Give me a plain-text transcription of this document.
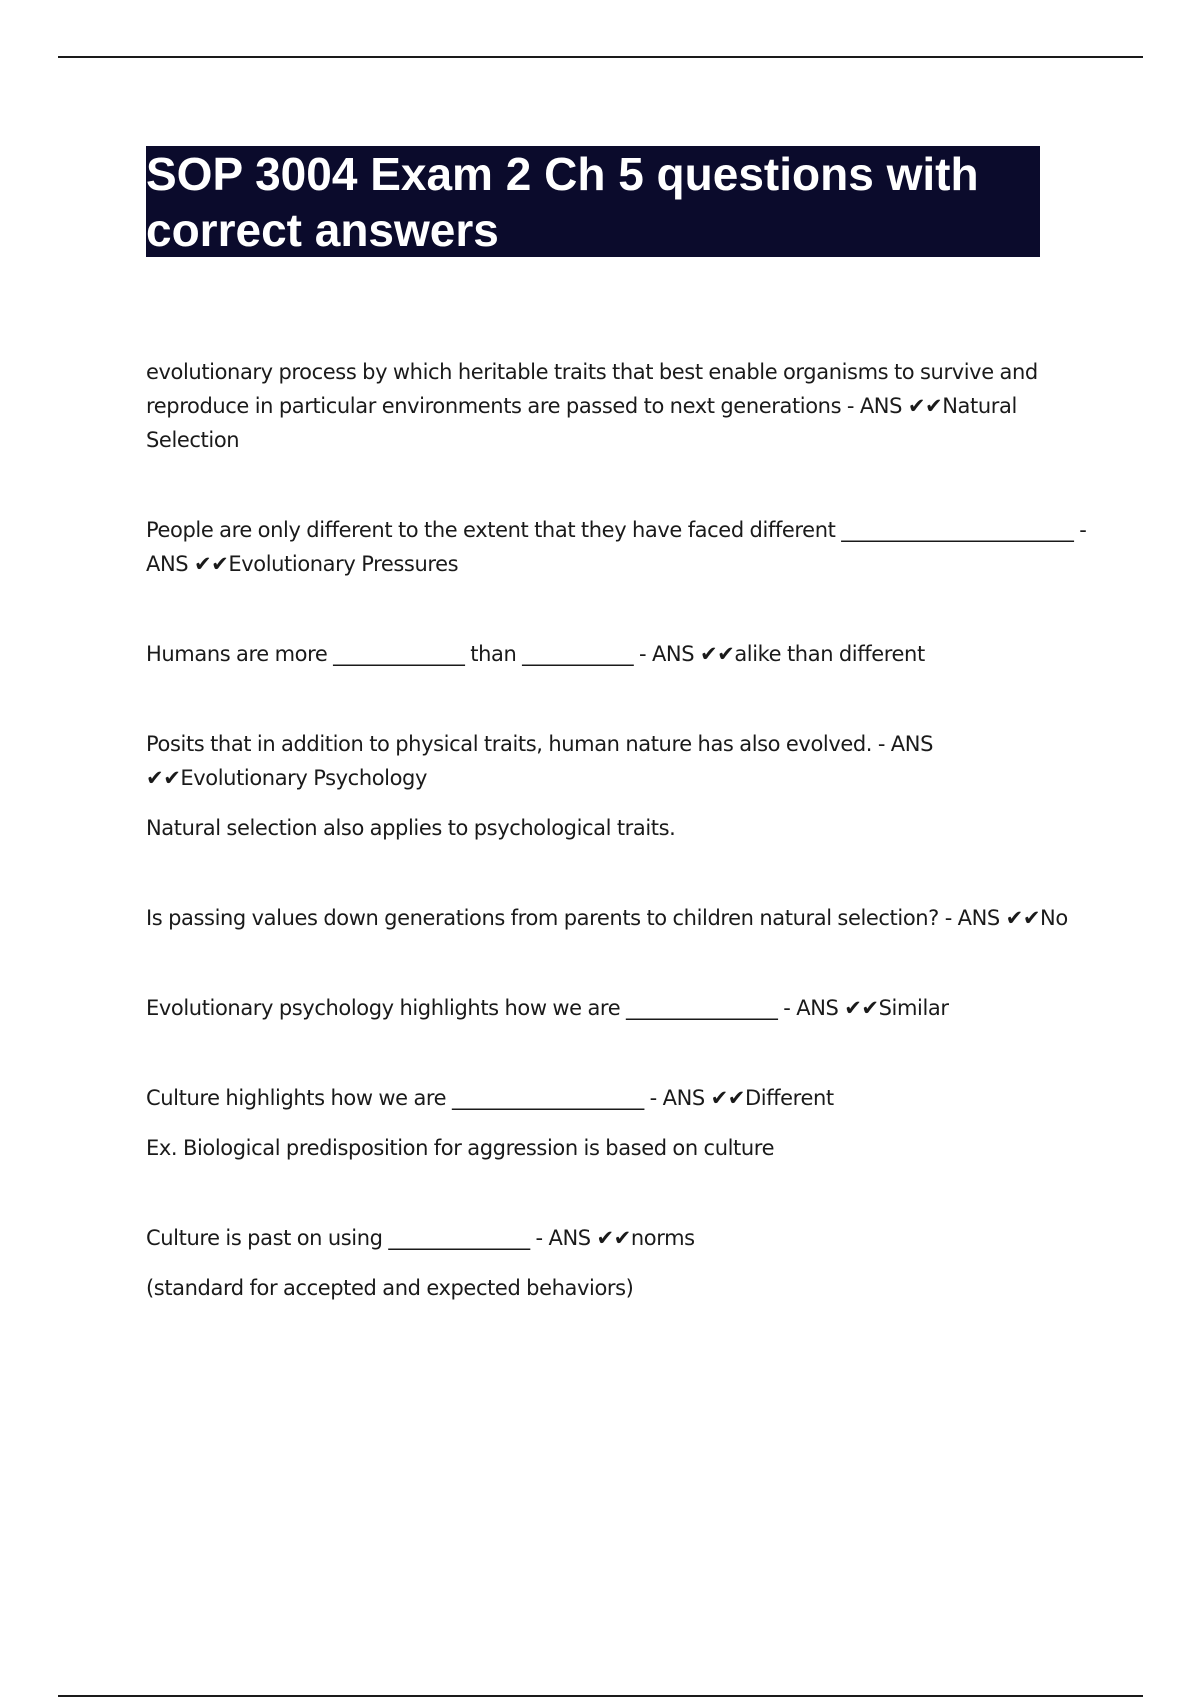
SOP 3004 Exam 2 Ch 5 questions with correct answers

evolutionary process by which heritable traits that best enable organisms to survive and reproduce in particular environments are passed to next generations - ANS ✔✔Natural Selection

People are only different to the extent that they have faced different _______________________ - ANS ✔✔Evolutionary Pressures

Humans are more _____________ than ___________ - ANS ✔✔alike than different

Posits that in addition to physical traits, human nature has also evolved. - ANS ✔✔Evolutionary Psychology

Natural selection also applies to psychological traits.

Is passing values down generations from parents to children natural selection? - ANS ✔✔No

Evolutionary psychology highlights how we are _______________ - ANS ✔✔Similar

Culture highlights how we are ___________________ - ANS ✔✔Different

Ex. Biological predisposition for aggression is based on culture

Culture is past on using ______________ - ANS ✔✔norms

(standard for accepted and expected behaviors)
